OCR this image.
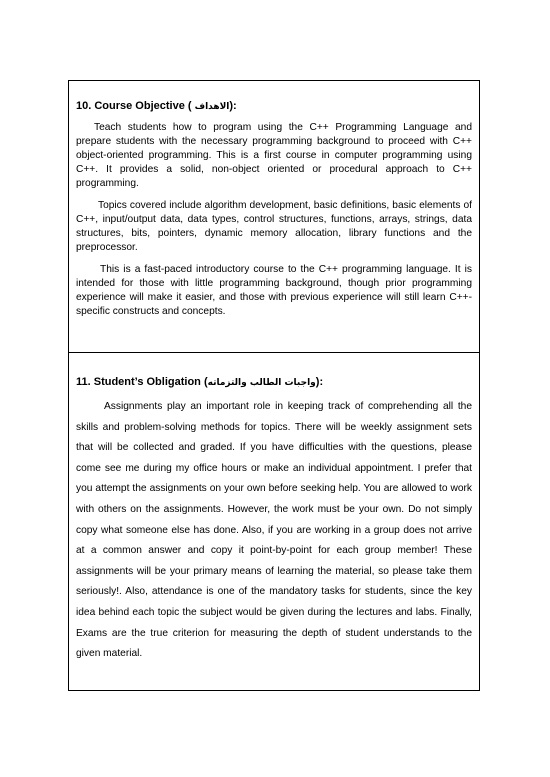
10. Course Objective ( الاهداف):

Teach students how to program using the C++ Programming Language and prepare students with the necessary programming background to proceed with C++ object-oriented programming. This is a first course in computer programming using C++. It provides a solid, non-object oriented or procedural approach to C++ programming.

Topics covered include algorithm development, basic definitions, basic elements of C++, input/output data, data types, control structures, functions, arrays, strings, data structures, bits, pointers, dynamic memory allocation, library functions and the preprocessor.

This is a fast-paced introductory course to the C++ programming language. It is intended for those with little programming background, though prior programming experience will make it easier, and those with previous experience will still learn C++-specific constructs and concepts.

11. Student’s Obligation (واجبات الطالب والتزماته):

Assignments play an important role in keeping track of comprehending all the skills and problem-solving methods for topics. There will be weekly assignment sets that will be collected and graded. If you have difficulties with the questions, please come see me during my office hours or make an individual appointment. I prefer that you attempt the assignments on your own before seeking help. You are allowed to work with others on the assignments. However, the work must be your own. Do not simply copy what someone else has done. Also, if you are working in a group does not arrive at a common answer and copy it point-by-point for each group member! These assignments will be your primary means of learning the material, so please take them seriously!. Also, attendance is one of the mandatory tasks for students, since the key idea behind each topic the subject would be given during the lectures and labs. Finally, Exams are the true criterion for measuring the depth of student understands to the given material.
